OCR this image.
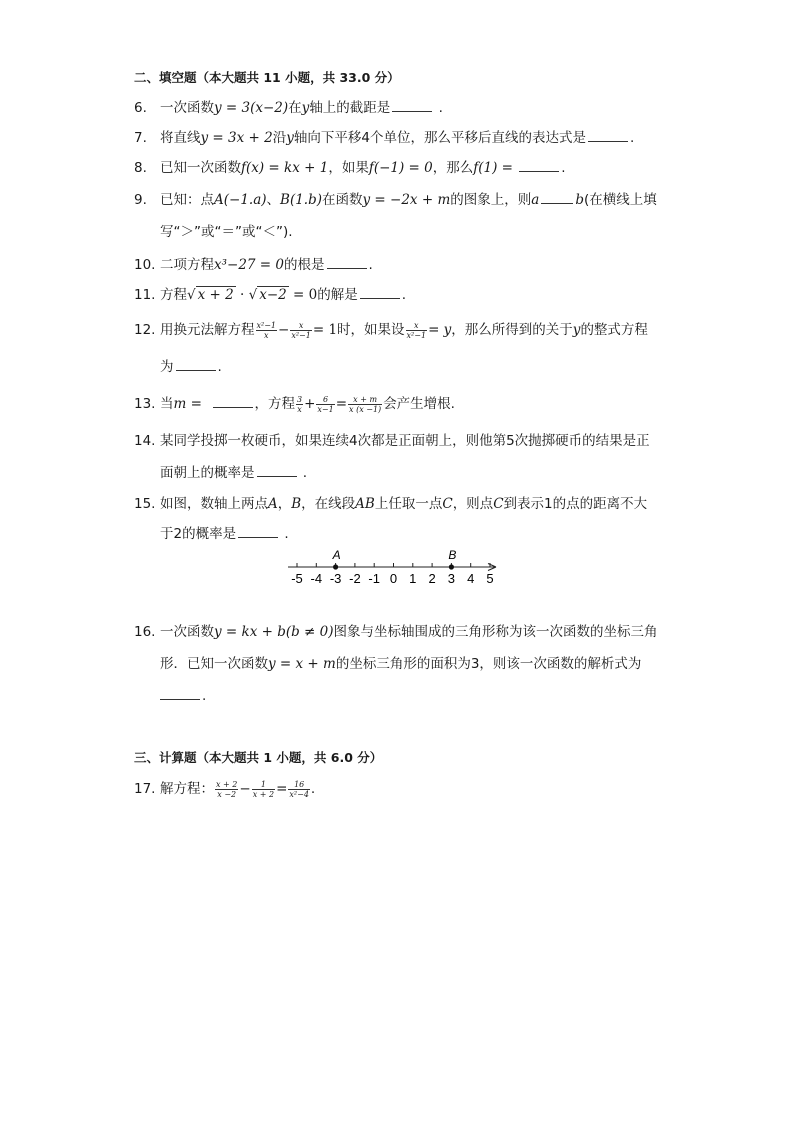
二、填空题（本大题共 11 小题，共 33.0 分）
6. 一次函数y = 3(x−2)在y轴上的截距是	.
7. 将直线y = 3x + 2沿y轴向下平移4个单位，那么平移后直线的表达式是	.
8. 已知一次函数f(x) = kx + 1，如果f(−1) = 0，那么f(1) =	.
9. 已知：点A(−1.a)、B(1.b)在函数y = −2x + m的图象上，则a	b(在横线上填
写“＞”或“＝”或“＜”).
10. 二项方程x³−27 = 0的根是	.
11. 方程√ x + 2 · √ x−2 = 0的解是	.
12. 用换元法解方程 $\frac{\text{x²−1}}{x} - \frac{x}{\text{x²−1}} = 1$时，如果设 $\frac{x}{\text{x²−1}} = y$，那么所得到的关于y的整式方程
为	.
13. 当m =	，方程 $\frac{3}{x} + \frac{6}{x-1} = \frac{x + m}{x (x -1)}$ 会产生增根.
14. 某同学投掷一枚硬币，如果连续4次都是正面朝上，则他第5次抛掷硬币的结果是正
面朝上的概率是	.
15. 如图，数轴上两点A，B，在线段AB上任取一点C，则点C到表示1的点的距离不大
于2的概率是	.
-5 -4 -3 -2 -1 0 1 2 3 4 5
A	B
16. 一次函数y = kx + b(b ≠ 0)图象与坐标轴围成的三角形称为该一次函数的坐标三角
形．已知一次函数y = x + m的坐标三角形的面积为3，则该一次函数的解析式为
.
三、计算题（本大题共 1 小题，共 6.0 分）
17. 解方程： $\frac{x + 2}{x -2} - \frac{1}{x + 2} = \frac{16}{\text{x²−4}}$ .
